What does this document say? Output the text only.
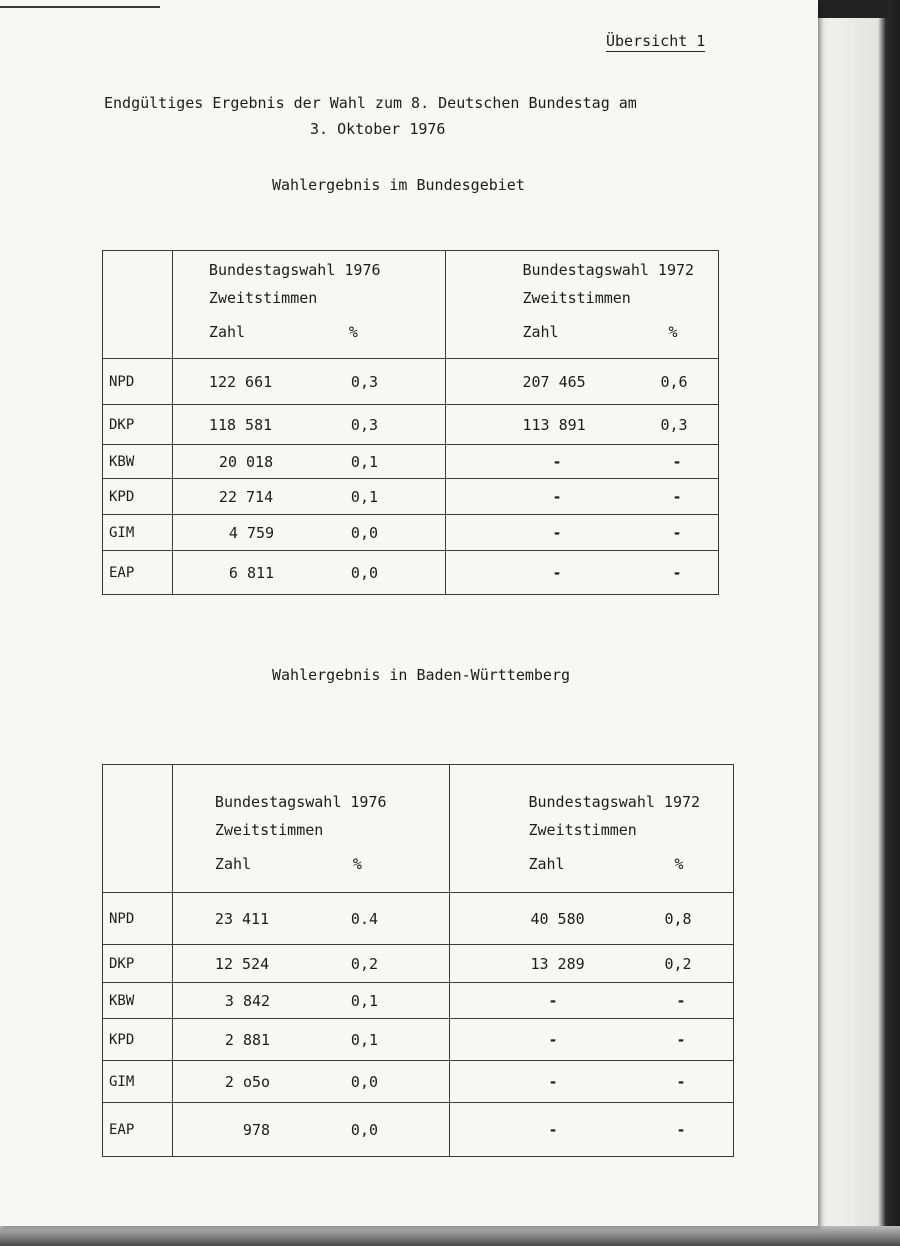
Übersicht 1
Endgültiges Ergebnis der Wahl zum 8. Deutschen Bundestag am
3. Oktober 1976
Wahlergebnis im Bundesgebiet

	Bundestagswahl 1976
Zweitstimmen
Zahl %	Bundestagswahl 1972
Zweitstimmen
Zahl %

NPD	122 661 0,3	207 465 0,6

DKP	118 581 0,3	113 891 0,3

KBW	20 018 0,1	- -

KPD	22 714 0,1	- -

GIM	4 759 0,0	- -

EAP	6 811 0,0	- -
Wahlergebnis in Baden-Württemberg

	Bundestagswahl 1976
Zweitstimmen
Zahl %	Bundestagswahl 1972
Zweitstimmen
Zahl %

NPD	23 411 0.4	40 580 0,8

DKP	12 524 0,2	13 289 0,2

KBW	3 842 0,1	- -

KPD	2 881 0,1	- -

GIM	2 o5o 0,0	- -

EAP	978 0,0	- -
